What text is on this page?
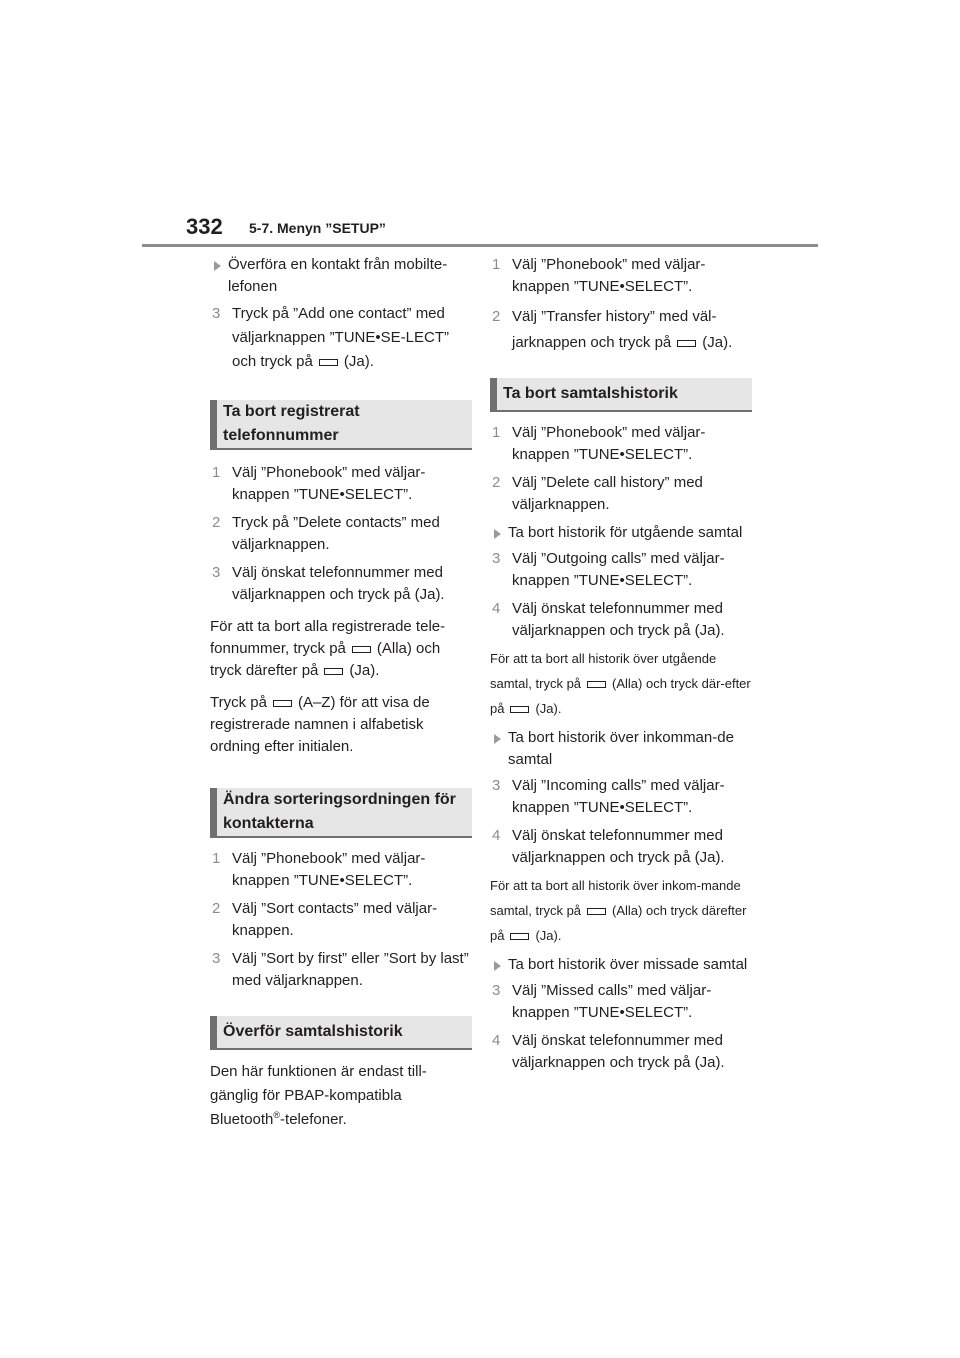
332 5-7. Menyn ”SETUP”

Överföra en kontakt från mobilte-lefonen

3 Tryck på ”Add one contact” med väljarknappen ”TUNE•SE-LECT” och tryck på (Ja).

Ta bort registrerat telefonnummer

1 Välj ”Phonebook” med väljar-knappen ”TUNE•SELECT”.

2 Tryck på ”Delete contacts” med väljarknappen.

3 Välj önskat telefonnummer med väljarknappen och tryck på (Ja).

För att ta bort alla registrerade tele-fonnummer, tryck på (Alla) och tryck därefter på (Ja).

Tryck på (A–Z) för att visa de registrerade namnen i alfabetisk ordning efter initialen.

Ändra sorteringsordningen för kontakterna

1 Välj ”Phonebook” med väljar-knappen ”TUNE•SELECT”.

2 Välj ”Sort contacts” med väljar-knappen.

3 Välj ”Sort by first” eller ”Sort by last” med väljarknappen.

Överför samtalshistorik

Den här funktionen är endast till-gänglig för PBAP-kompatibla Bluetooth®-telefoner.

1 Välj ”Phonebook” med väljar-knappen ”TUNE•SELECT”.

2 Välj ”Transfer history” med väl-jarknappen och tryck på (Ja).

Ta bort samtalshistorik

1 Välj ”Phonebook” med väljar-knappen ”TUNE•SELECT”.

2 Välj ”Delete call history” med väljarknappen.

Ta bort historik för utgående samtal

3 Välj ”Outgoing calls” med väljar-knappen ”TUNE•SELECT”.

4 Välj önskat telefonnummer med väljarknappen och tryck på (Ja).

För att ta bort all historik över utgående samtal, tryck på (Alla) och tryck där-efter på (Ja).

Ta bort historik över inkomman-de samtal

3 Välj ”Incoming calls” med väljar-knappen ”TUNE•SELECT”.

4 Välj önskat telefonnummer med väljarknappen och tryck på (Ja).

För att ta bort all historik över inkom-mande samtal, tryck på (Alla) och tryck därefter på (Ja).

Ta bort historik över missade samtal

3 Välj ”Missed calls” med väljar-knappen ”TUNE•SELECT”.

4 Välj önskat telefonnummer med väljarknappen och tryck på (Ja).
